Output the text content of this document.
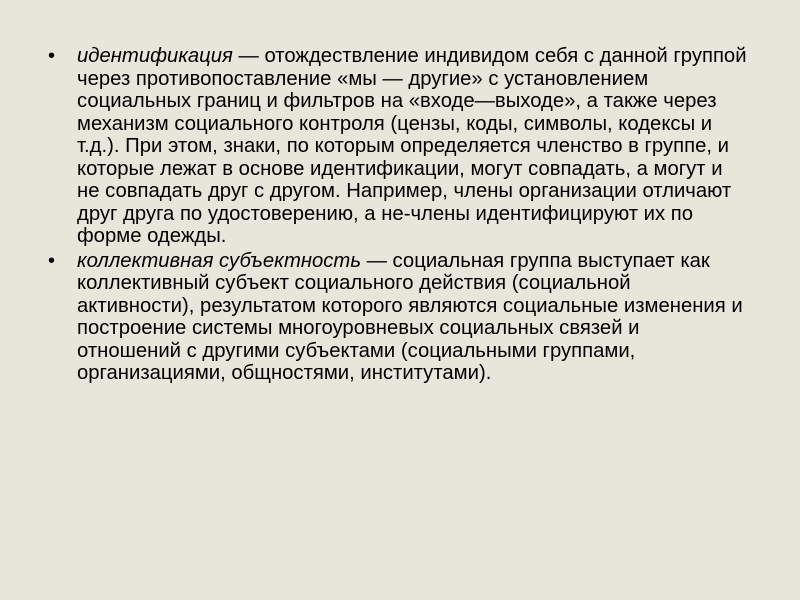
• идентификация — отождествление индивидом себя с данной группой через противопоставление «мы — другие» с установлением социальных границ и фильтров на «входе—выходе», а также через механизм социального контроля (цензы, коды, символы, кодексы и т.д.). При этом, знаки, по которым определяется членство в группе, и которые лежат в основе идентификации, могут совпадать, а могут и не совпадать друг с другом. Например, члены организации отличают друг друга по удостоверению, а не-члены идентифицируют их по форме одежды.
• коллективная субъектность — социальная группа выступает как коллективный субъект социального действия (социальной активности), результатом которого являются социальные изменения и построение системы многоуровневых социальных связей и отношений с другими субъектами (социальными группами, организациями, общностями, институтами).
